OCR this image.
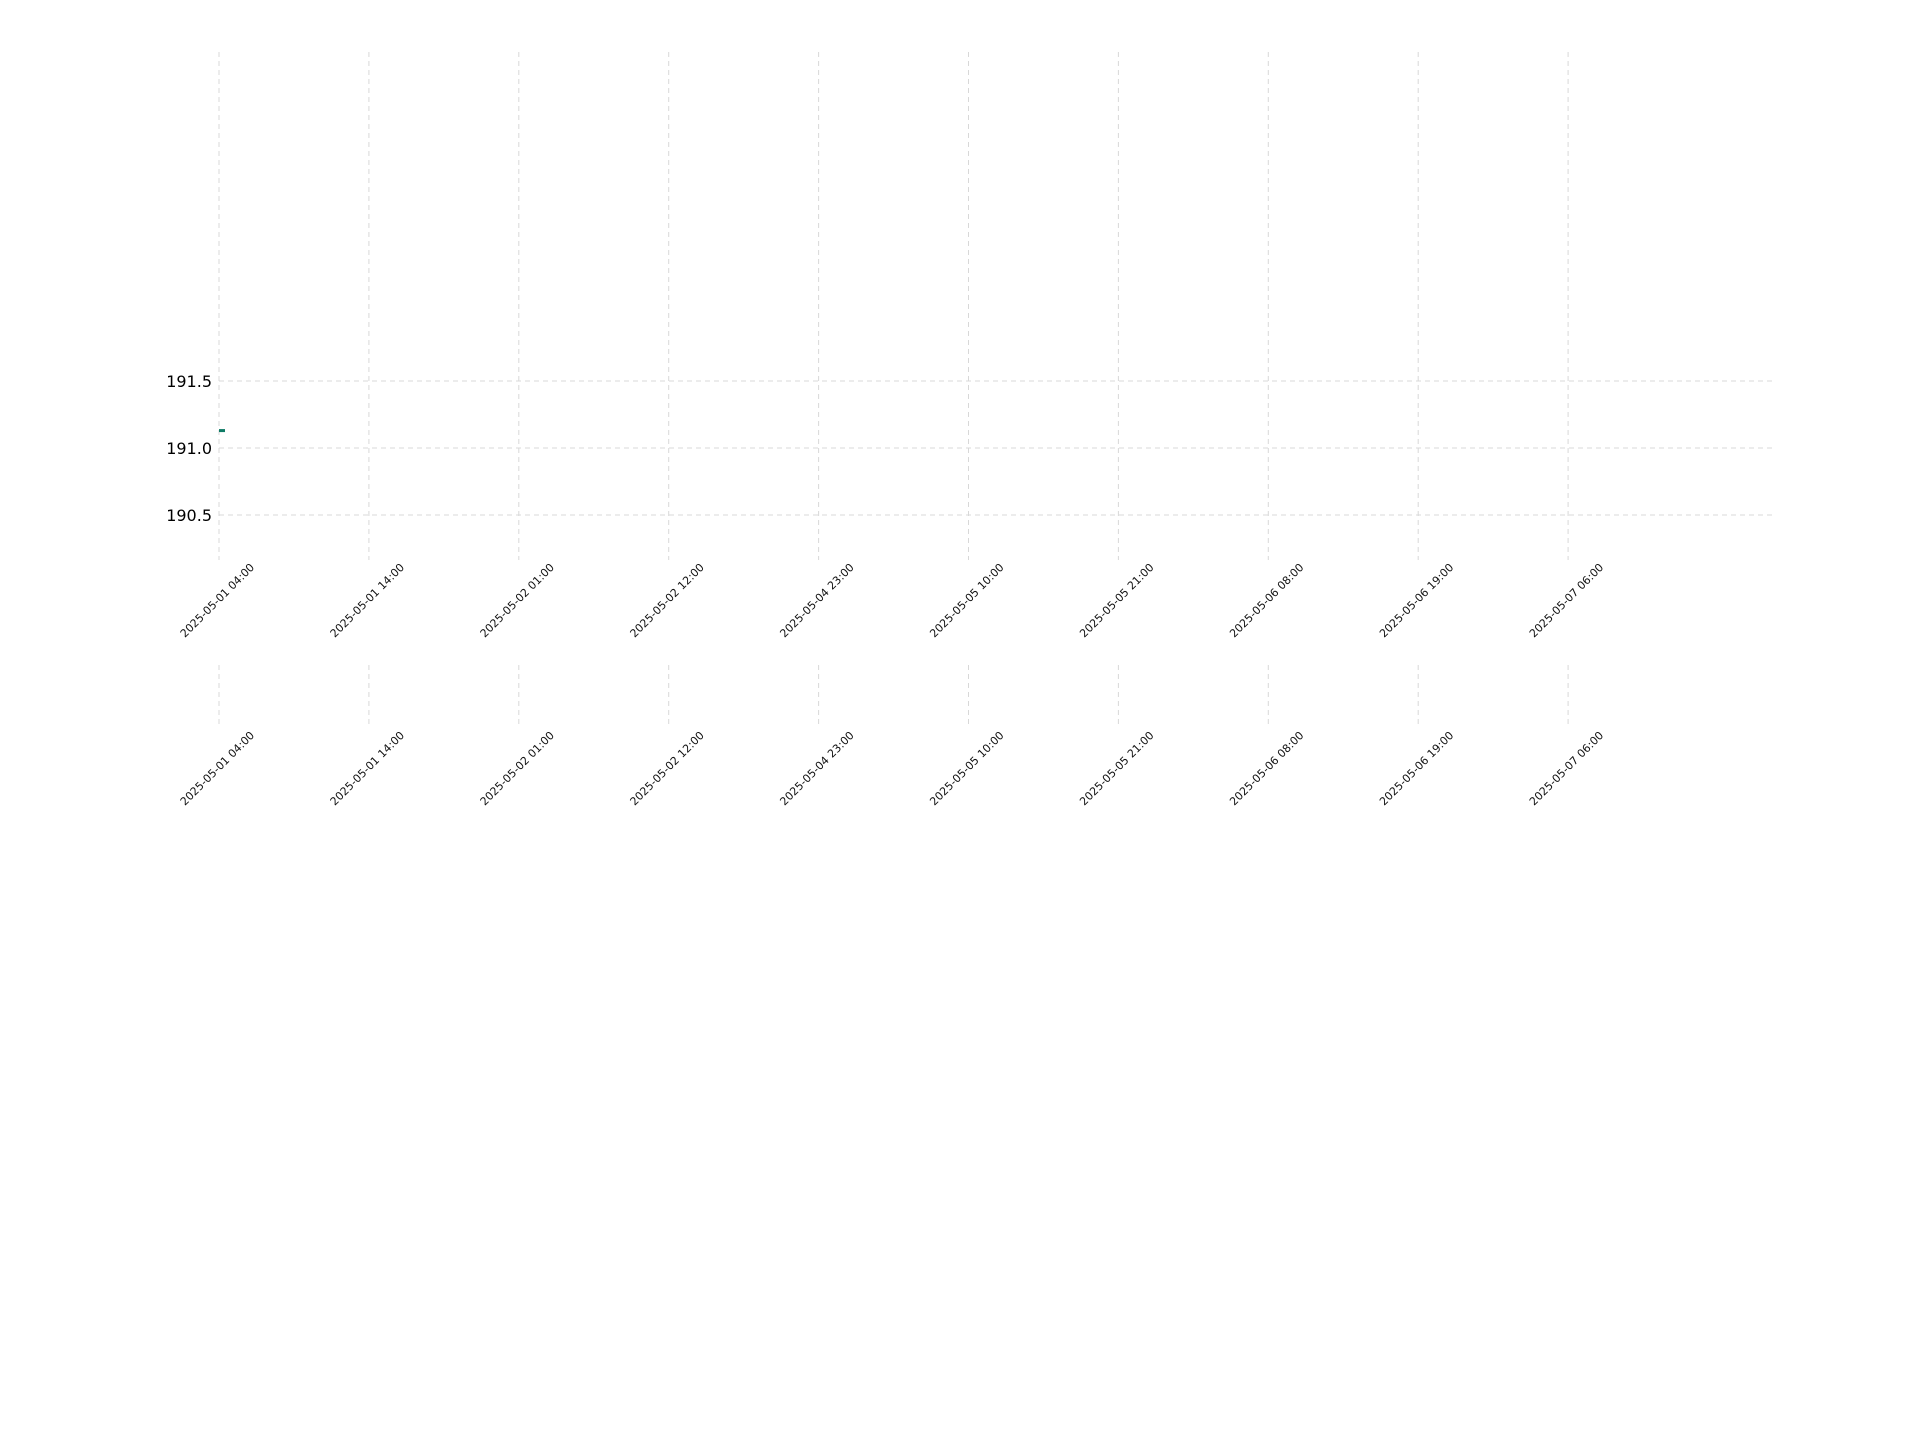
191.5
191.0
190.5
2025-05-01 04:00	2025-05-01 14:00	2025-05-02 01:00	2025-05-02 12:00	2025-05-04 23:00	2025-05-05 10:00	2025-05-05 21:00	2025-05-06 08:00	2025-05-06 19:00	2025-05-07 06:00
2025-05-01 04:00	2025-05-01 14:00	2025-05-02 01:00	2025-05-02 12:00	2025-05-04 23:00	2025-05-05 10:00	2025-05-05 21:00	2025-05-06 08:00	2025-05-06 19:00	2025-05-07 06:00
